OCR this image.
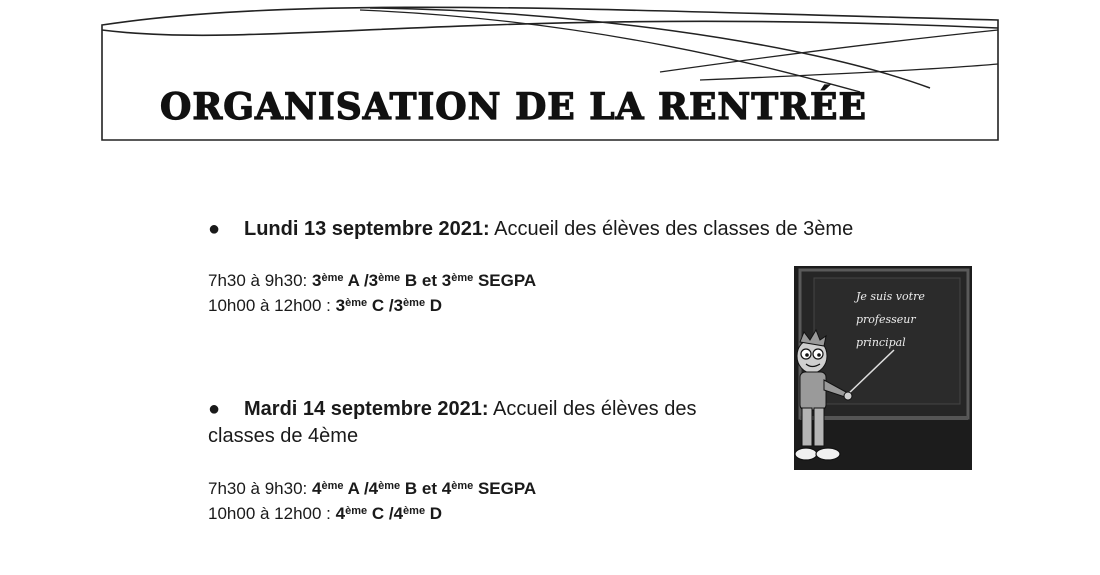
ORGANISATION DE LA RENTRÉE
● Lundi 13 septembre 2021: Accueil des élèves des classes de 3ème
7h30 à 9h30: 3ème A /3ème B et 3ème SEGPA
10h00 à 12h00 : 3ème C /3ème D
● Mardi 14 septembre 2021: Accueil des élèves des classes de 4ème
7h30 à 9h30: 4ème A /4ème B et 4ème SEGPA
10h00 à 12h00 : 4ème C /4ème D
Je suis votre
professeur
principal
